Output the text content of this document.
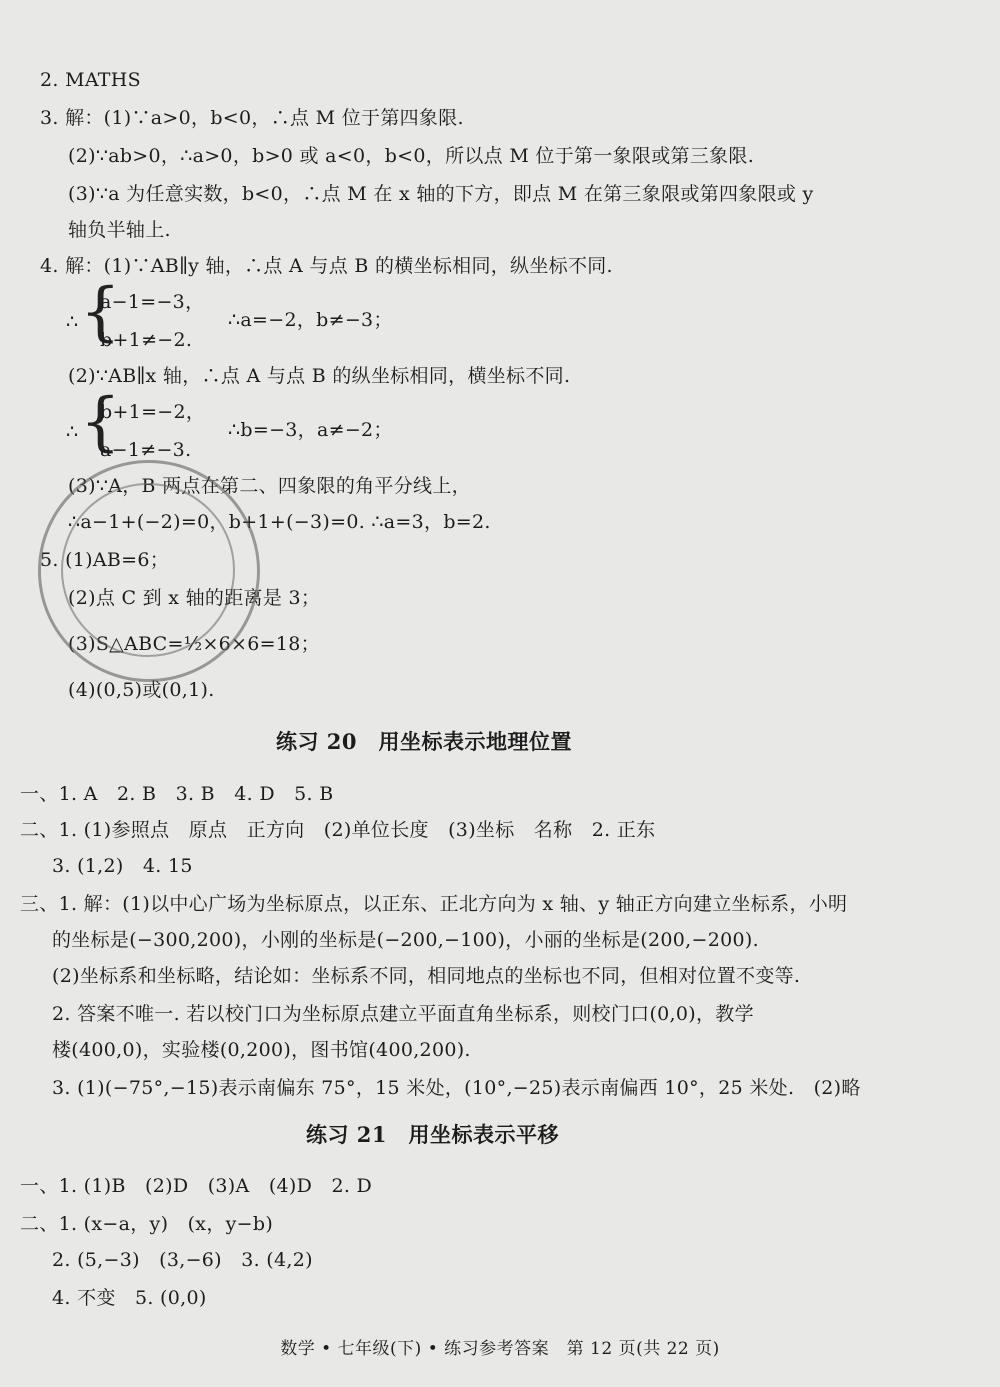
2. MATHS
3. 解：(1)∵a>0，b<0，∴点 M 位于第四象限.
(2)∵ab>0，∴a>0，b>0 或 a<0，b<0，所以点 M 位于第一象限或第三象限.
(3)∵a 为任意实数，b<0，∴点 M 在 x 轴的下方，即点 M 在第三象限或第四象限或 y
轴负半轴上.
4. 解：(1)∵AB∥y 轴，∴点 A 与点 B 的横坐标相同，纵坐标不同.
∴ {
a−1=−3，
b+1≠−2.
∴a=−2，b≠−3；
(2)∵AB∥x 轴，∴点 A 与点 B 的纵坐标相同，横坐标不同.
∴ {
b+1=−2，
a−1≠−3.
∴b=−3，a≠−2；
(3)∵A，B 两点在第二、四象限的角平分线上，
∴a−1+(−2)=0，b+1+(−3)=0. ∴a=3，b=2.
5. (1)AB=6；
(2)点 C 到 x 轴的距离是 3；
(3)S△ABC=½×6×6=18；
(4)(0,5)或(0,1).
练习 20　用坐标表示地理位置
一、1. A　2. B　3. B　4. D　5. B
二、1. (1)参照点　原点　正方向　(2)单位长度　(3)坐标　名称　2. 正东
3. (1,2)　4. 15
三、1. 解：(1)以中心广场为坐标原点，以正东、正北方向为 x 轴、y 轴正方向建立坐标系，小明
的坐标是(−300,200)，小刚的坐标是(−200,−100)，小丽的坐标是(200,−200).
(2)坐标系和坐标略，结论如：坐标系不同，相同地点的坐标也不同，但相对位置不变等.
2. 答案不唯一. 若以校门口为坐标原点建立平面直角坐标系，则校门口(0,0)，教学
楼(400,0)，实验楼(0,200)，图书馆(400,200).
3. (1)(−75°,−15)表示南偏东 75°，15 米处，(10°,−25)表示南偏西 10°，25 米处.　(2)略
练习 21　用坐标表示平移
一、1. (1)B　(2)D　(3)A　(4)D　2. D
二、1. (x−a，y)　(x，y−b)
2. (5,−3)　(3,−6)　3. (4,2)
4. 不变　5. (0,0)
数学 • 七年级(下) • 练习参考答案　第 12 页(共 22 页)
